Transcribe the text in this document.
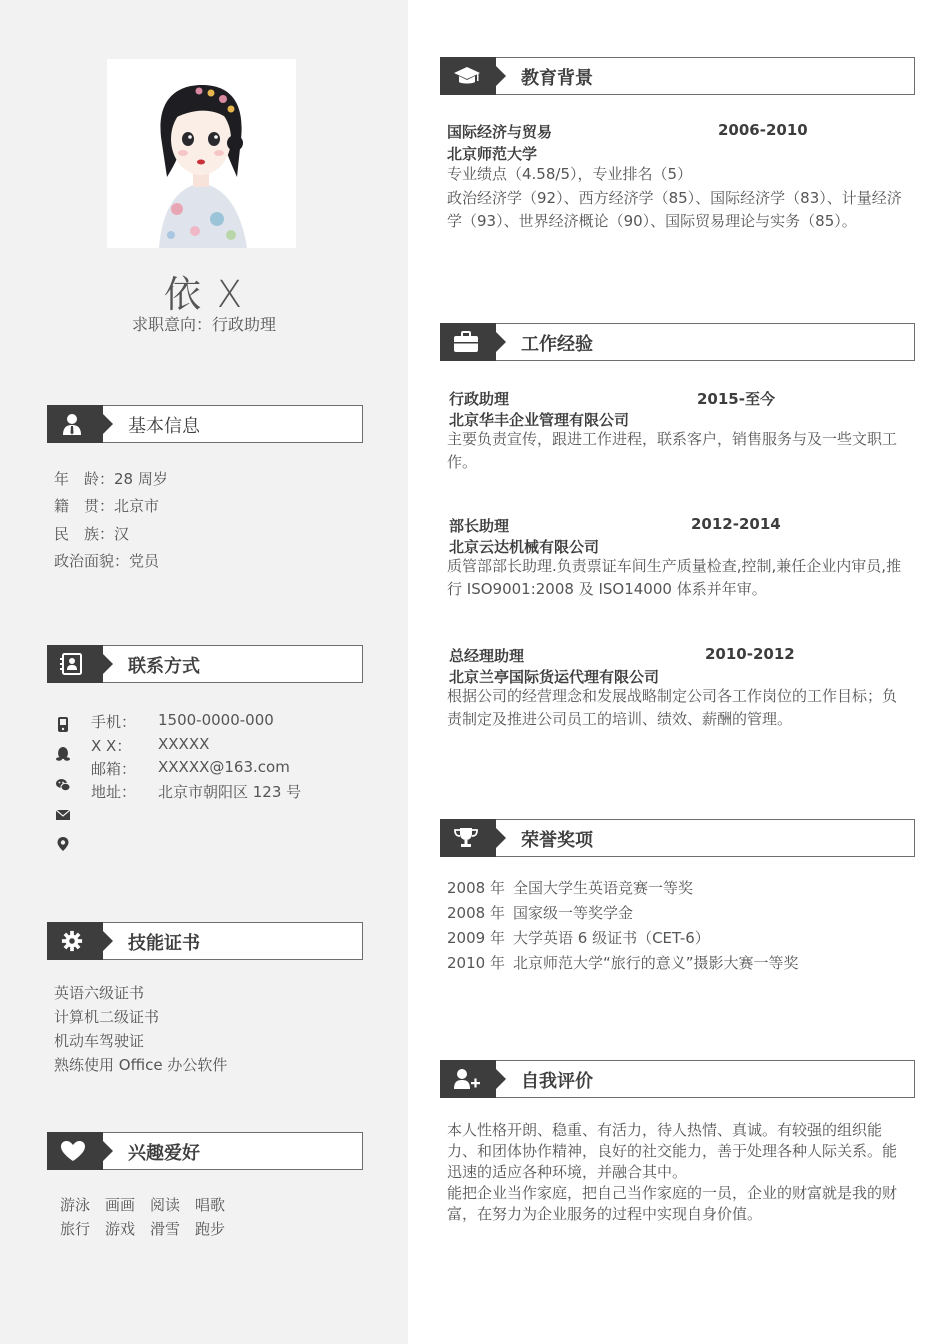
依 X
求职意向：行政助理
基本信息
年　龄：28 周岁
籍　贯：北京市
民　族：汉
政治面貌：党员
联系方式
手机： 1500-0000-000
X X： XXXXX
邮箱： XXXXX@163.com
地址： 北京市朝阳区 123 号
技能证书
英语六级证书
计算机二级证书
机动车驾驶证
熟练使用 Office 办公软件
兴趣爱好
游泳　画画　阅读　唱歌
旅行　游戏　滑雪　跑步
教育背景
国际经济与贸易	2006-2010
北京师范大学
专业绩点（4.58/5），专业排名（5）
政治经济学（92）、西方经济学（85）、国际经济学（83）、计量经济学（93）、世界经济概论（90）、国际贸易理论与实务（85）。
工作经验
行政助理	2015-至今
北京华丰企业管理有限公司
主要负责宣传，跟进工作进程，联系客户，销售服务与及一些文职工作。
部长助理	2012-2014
北京云达机械有限公司
质管部部长助理.负责票证车间生产质量检查,控制,兼任企业内审员,推行 ISO9001:2008 及 ISO14000 体系并年审。
总经理助理	2010-2012
北京兰亭国际货运代理有限公司
根据公司的经营理念和发展战略制定公司各工作岗位的工作目标；负责制定及推进公司员工的培训、绩效、薪酬的管理。
荣誉奖项
2008 年 全国大学生英语竞赛一等奖
2008 年 国家级一等奖学金
2009 年 大学英语 6 级证书（CET-6）
2010 年 北京师范大学“旅行的意义”摄影大赛一等奖
自我评价
本人性格开朗、稳重、有活力，待人热情、真诚。有较强的组织能力、和团体协作精神，良好的社交能力，善于处理各种人际关系。能迅速的适应各种环境，并融合其中。
能把企业当作家庭，把自己当作家庭的一员，企业的财富就是我的财富，在努力为企业服务的过程中实现自身价值。
